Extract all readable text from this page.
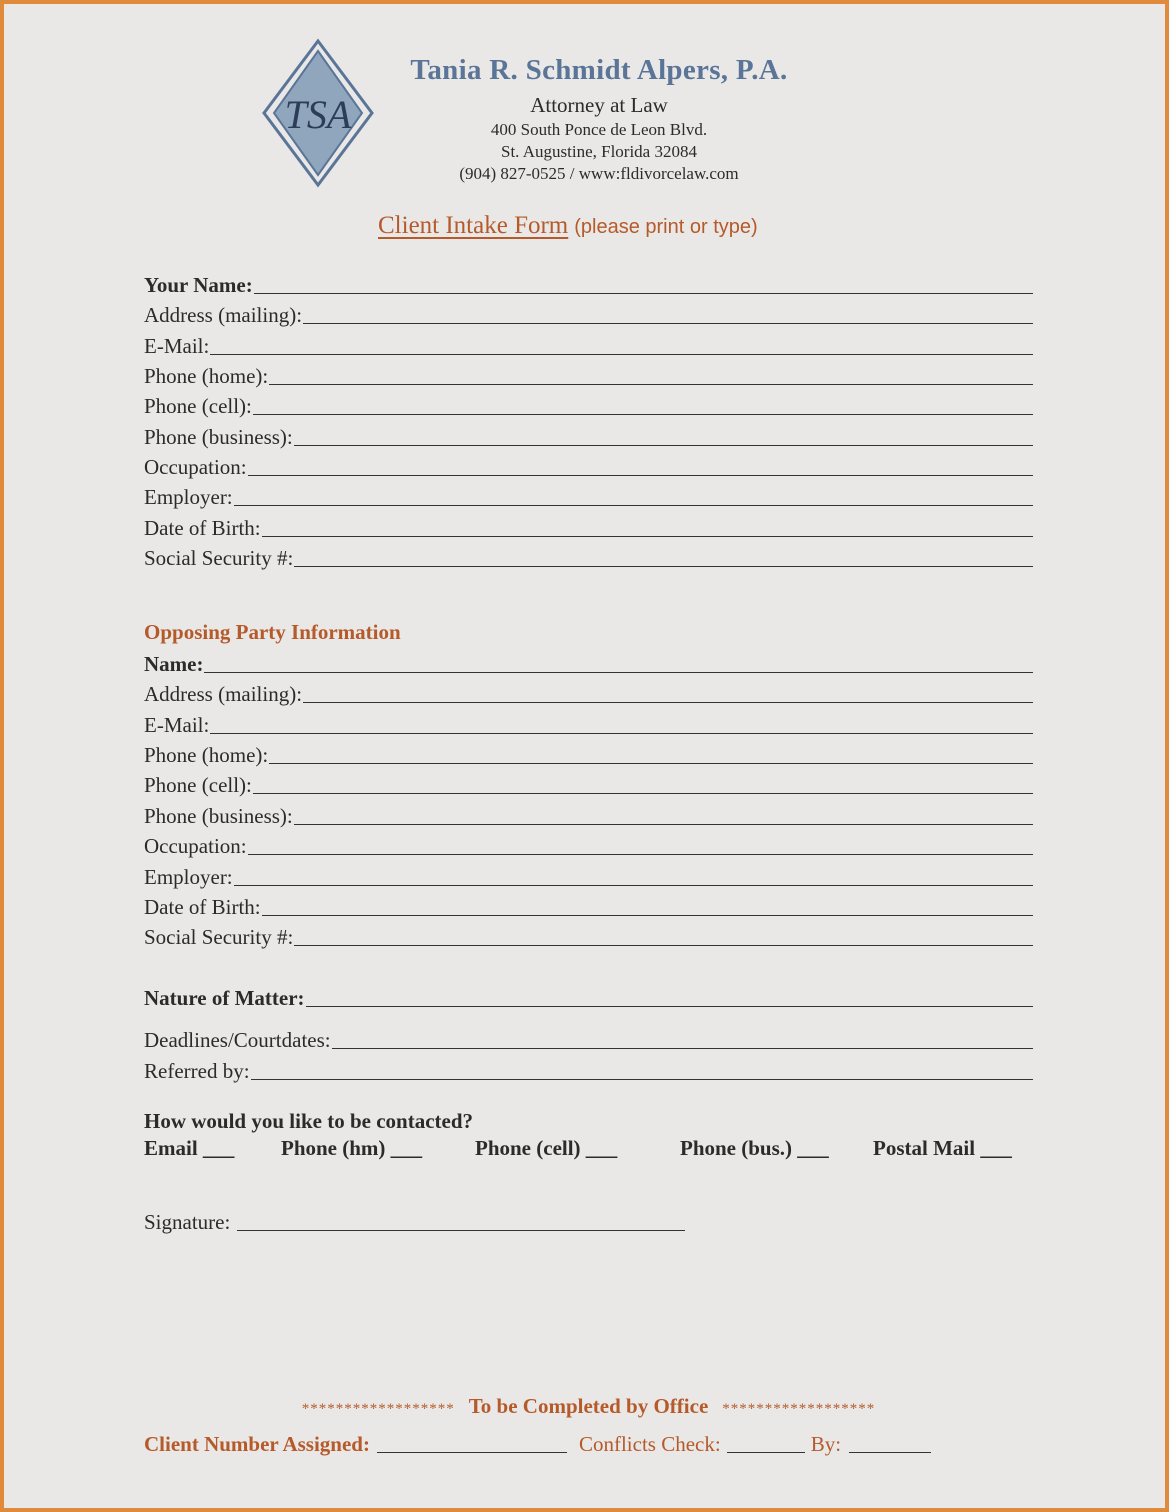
TSA
Tania R. Schmidt Alpers, P.A.
Attorney at Law
400 South Ponce de Leon Blvd.
St. Augustine, Florida 32084
(904) 827-0525 / www:fldivorcelaw.com
Client Intake Form (please print or type)
Your Name:
Address (mailing):
E-Mail:
Phone (home):
Phone (cell):
Phone (business):
Occupation:
Employer:
Date of Birth:
Social Security #:
Opposing Party Information
Name:
Address (mailing):
E-Mail:
Phone (home):
Phone (cell):
Phone (business):
Occupation:
Employer:
Date of Birth:
Social Security #:
Nature of Matter:
Deadlines/Courtdates:
Referred by:
How would you like to be contacted?
Email ___ Phone (hm) ___	Phone (cell) ___	Phone (bus.) ___ Postal Mail ___
Signature:
****************** To be Completed by Office ******************
Client Number Assigned:	Conflicts Check:	By:
